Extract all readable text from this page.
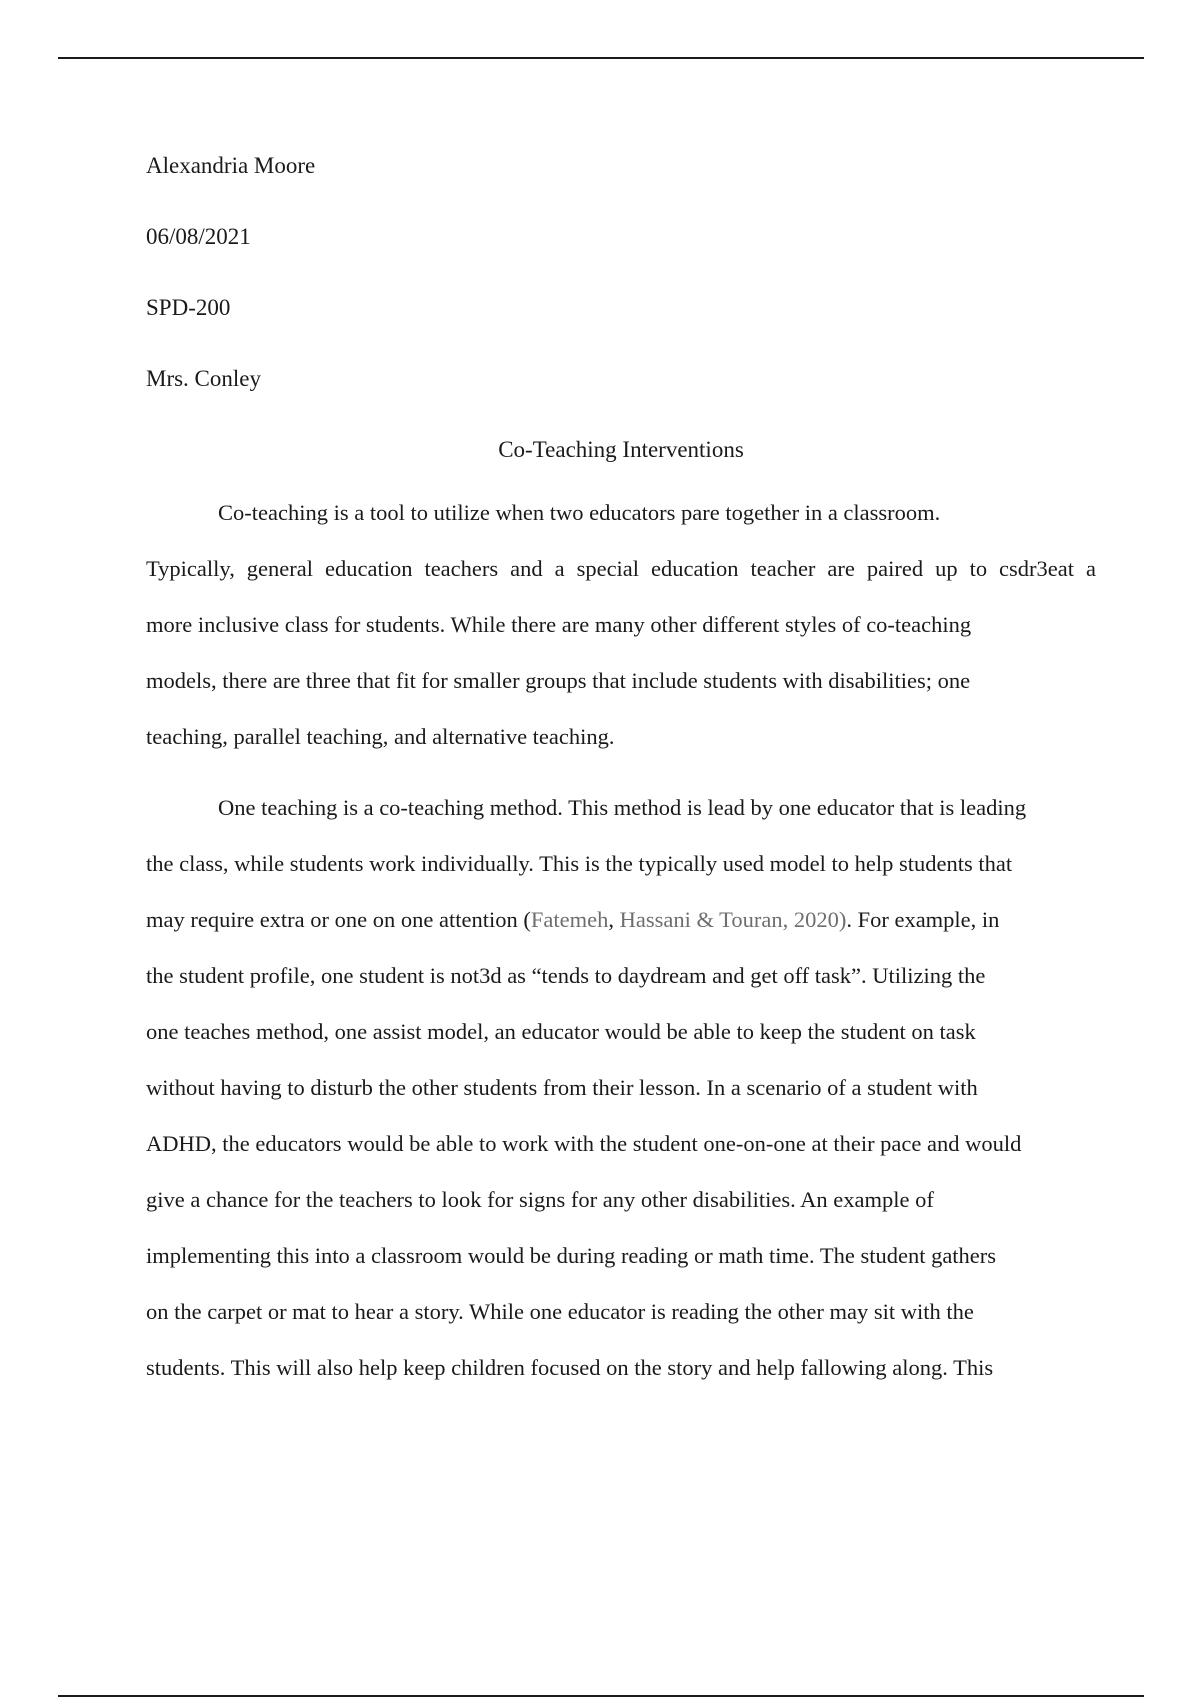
Alexandria Moore

06/08/2021

SPD-200

Mrs. Conley

Co-Teaching Interventions

Co-teaching is a tool to utilize when two educators pare together in a classroom.
Typically, general education teachers and a special education teacher are paired up to csdr3eat a
more inclusive class for students. While there are many other different styles of co-teaching
models, there are three that fit for smaller groups that include students with disabilities; one
teaching, parallel teaching, and alternative teaching.
One teaching is a co-teaching method. This method is lead by one educator that is leading
the class, while students work individually. This is the typically used model to help students that
may require extra or one on one attention (Fatemeh, Hassani & Touran, 2020). For example, in
the student profile, one student is not3d as “tends to daydream and get off task”. Utilizing the
one teaches method, one assist model, an educator would be able to keep the student on task
without having to disturb the other students from their lesson. In a scenario of a student with
ADHD, the educators would be able to work with the student one-on-one at their pace and would
give a chance for the teachers to look for signs for any other disabilities. An example of
implementing this into a classroom would be during reading or math time. The student gathers
on the carpet or mat to hear a story. While one educator is reading the other may sit with the
students. This will also help keep children focused on the story and help fallowing along. This
